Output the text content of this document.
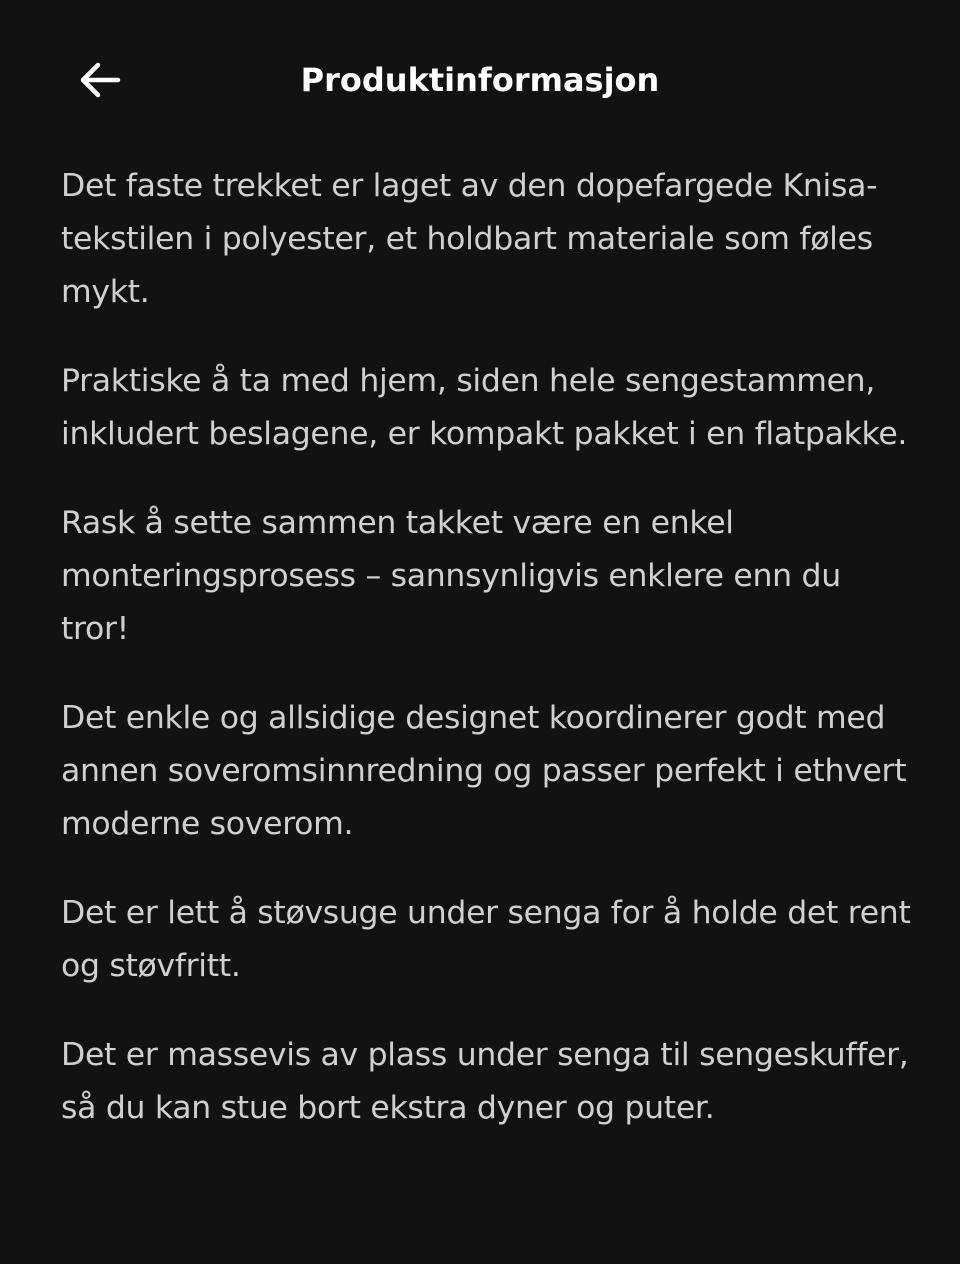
Produktinformasjon

Det faste trekket er laget av den dopefargede Knisa-tekstilen i polyester, et holdbart materiale som føles mykt.

Praktiske å ta med hjem, siden hele sengestammen, inkludert beslagene, er kompakt pakket i en flatpakke.

Rask å sette sammen takket være en enkel monteringsprosess – sannsynligvis enklere enn du tror!

Det enkle og allsidige designet koordinerer godt med annen soveromsinnredning og passer perfekt i ethvert moderne soverom.

Det er lett å støvsuge under senga for å holde det rent og støvfritt.

Det er massevis av plass under senga til sengeskuffer, så du kan stue bort ekstra dyner og puter.
